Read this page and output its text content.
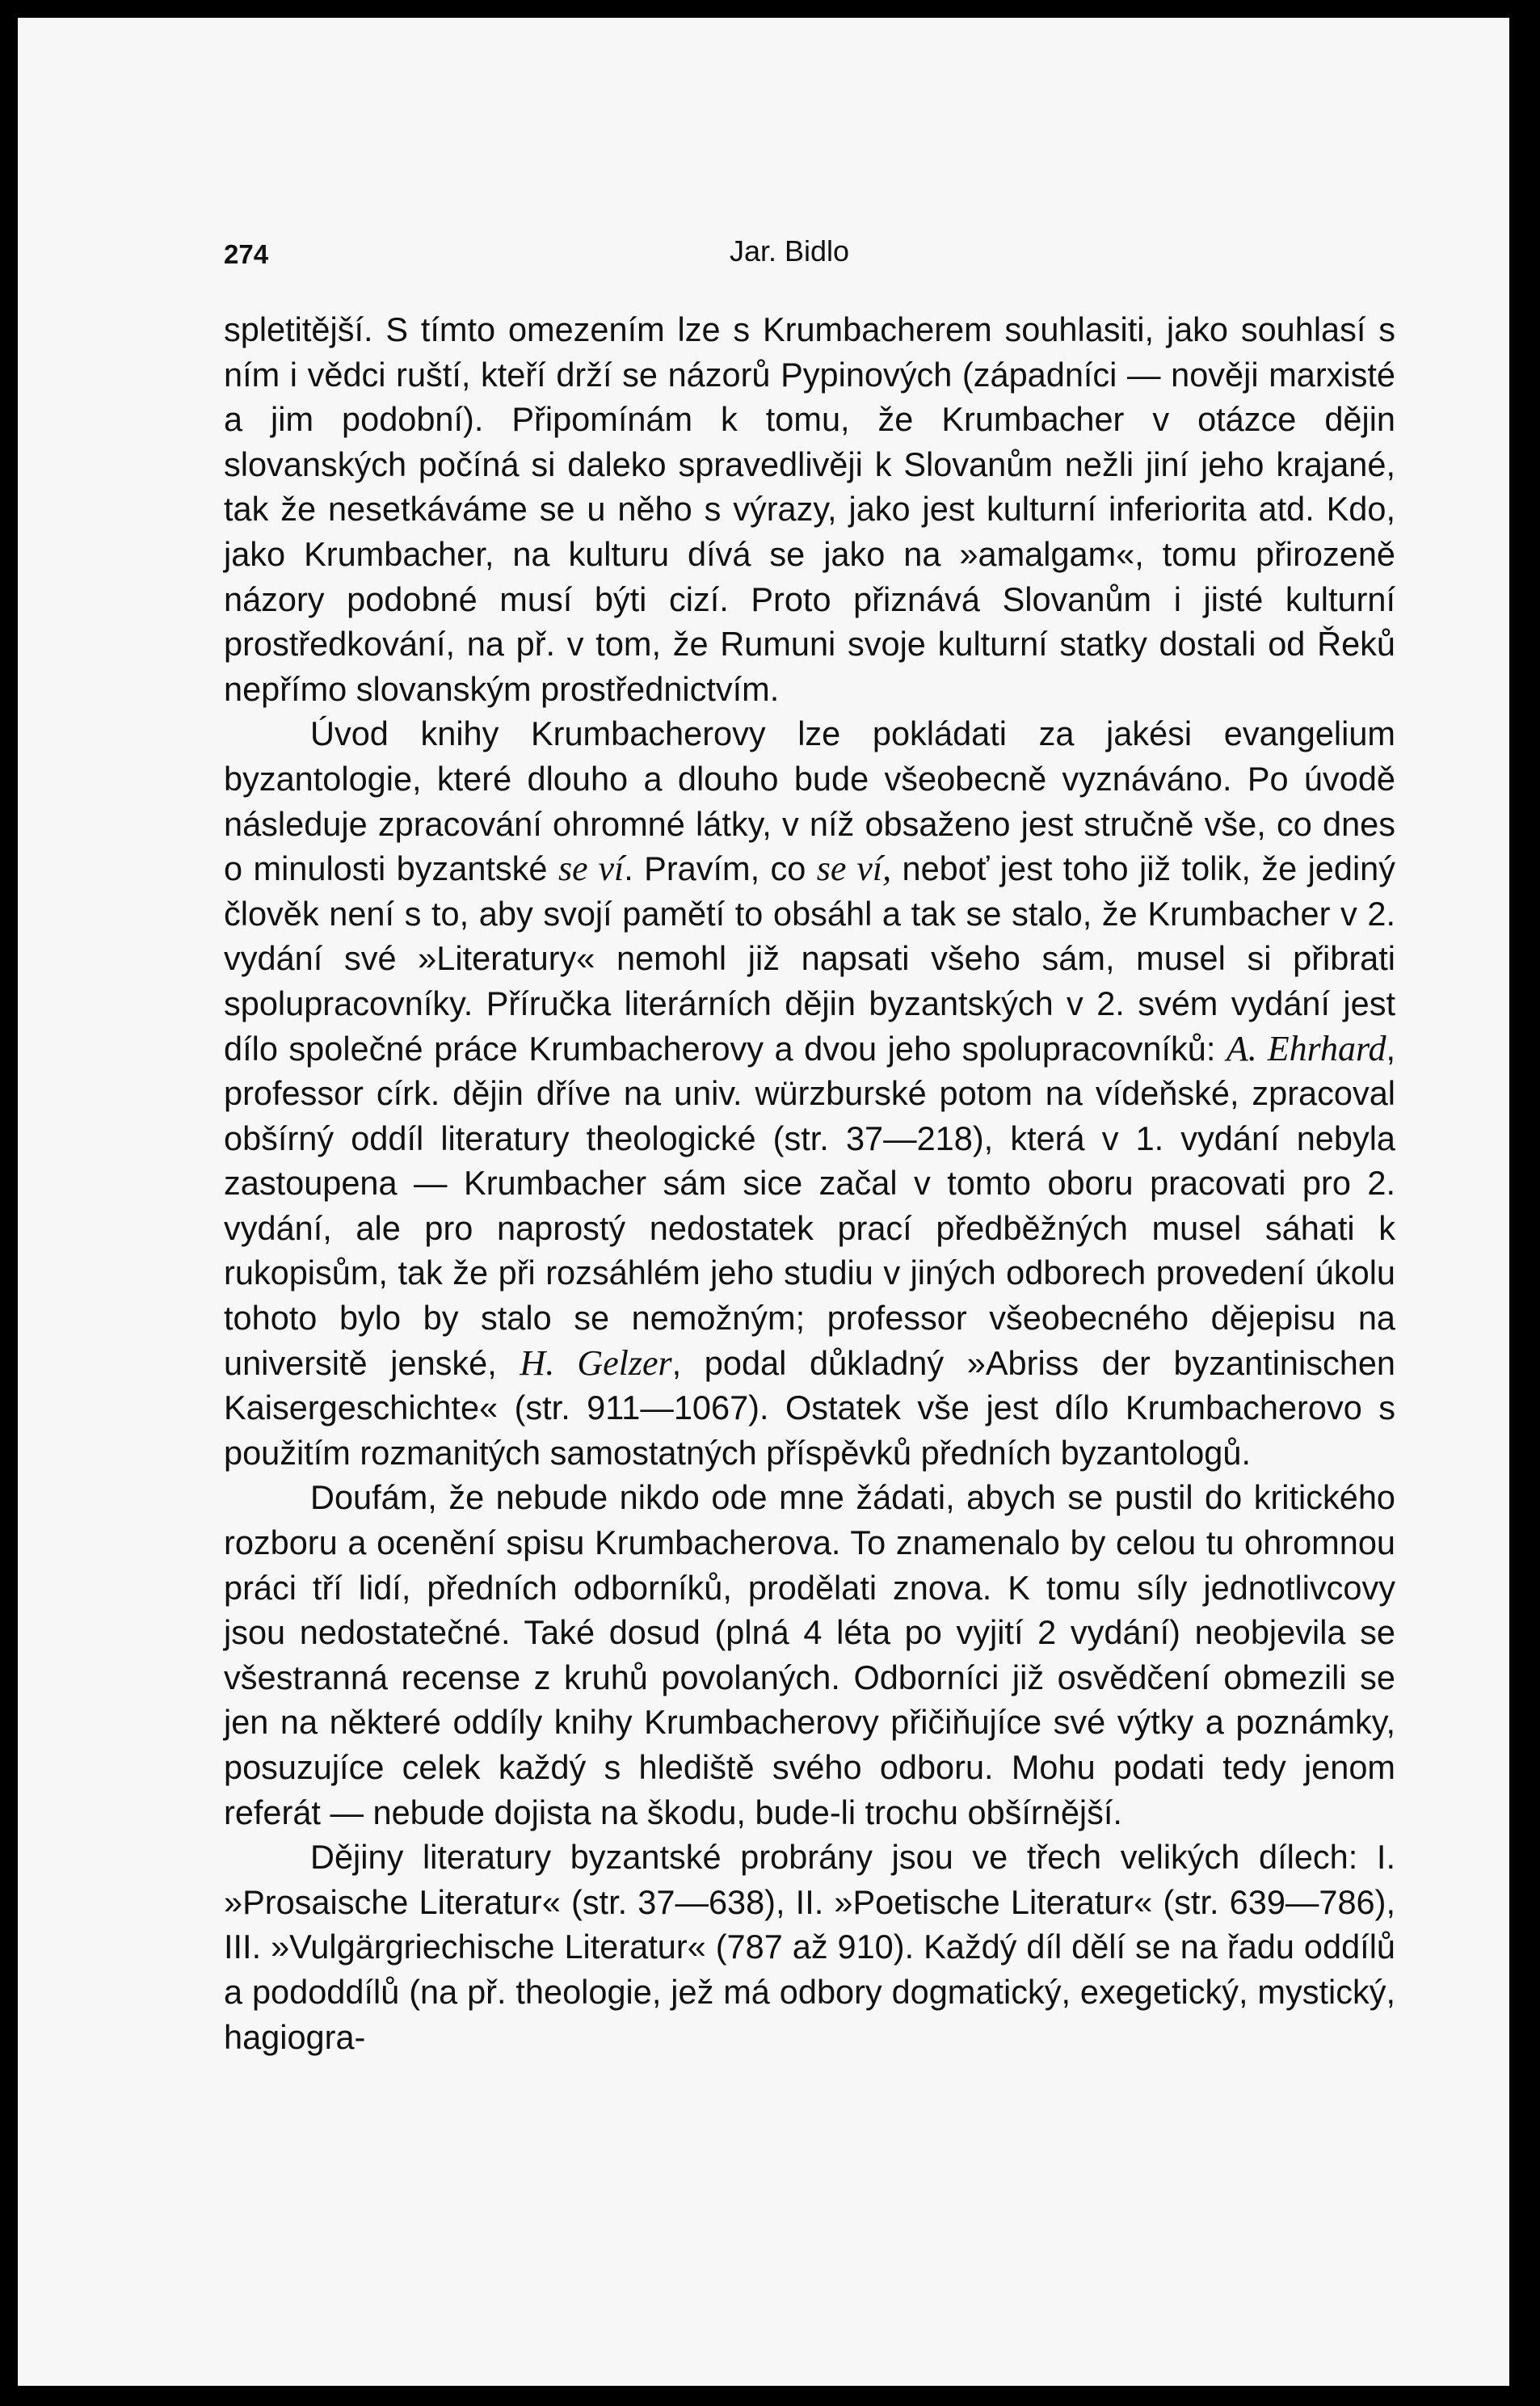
274	Jar. Bidlo

spletitější. S tímto omezením lze s Krumbacherem souhlasiti, jako souhlasí s ním i vědci ruští, kteří drží se názorů Pypinových (západníci — nověji marxisté a jim podobní). Připomínám k tomu, že Krumbacher v otázce dějin slovanských počíná si daleko spravedlivěji k Slovanům nežli jiní jeho krajané, tak že nesetkáváme se u něho s výrazy, jako jest kulturní inferiorita atd. Kdo, jako Krumbacher, na kulturu dívá se jako na »amalgam«, tomu přirozeně názory podobné musí býti cizí. Proto přiznává Slovanům i jisté kulturní prostředkování, na př. v tom, že Rumuni svoje kulturní statky dostali od Řeků nepřímo slovanským prostřednictvím.

Úvod knihy Krumbacherovy lze pokládati za jakési evangelium byzantologie, které dlouho a dlouho bude všeobecně vyznáváno. Po úvodě následuje zpracování ohromné látky, v níž obsaženo jest stručně vše, co dnes o minulosti byzantské se ví. Pravím, co se ví, neboť jest toho již tolik, že jediný člověk není s to, aby svojí pamětí to obsáhl a tak se stalo, že Krumbacher v 2. vydání své »Literatury« nemohl již napsati všeho sám, musel si přibrati spolupracovníky. Příručka literárních dějin byzantských v 2. svém vydání jest dílo společné práce Krumbacherovy a dvou jeho spolupracovníků: A. Ehrhard, professor círk. dějin dříve na univ. würzburské potom na vídeňské, zpracoval obšírný oddíl literatury theologické (str. 37—218), která v 1. vydání nebyla zastoupena — Krumbacher sám sice začal v tomto oboru pracovati pro 2. vydání, ale pro naprostý nedostatek prací předběžných musel sáhati k rukopisům, tak že při rozsáhlém jeho studiu v jiných odborech provedení úkolu tohoto bylo by stalo se nemožným; professor všeobecného dějepisu na universitě jenské, H. Gelzer, podal důkladný »Abriss der byzantinischen Kaisergeschichte« (str. 911—1067). Ostatek vše jest dílo Krumbacherovo s použitím rozmanitých samostatných příspěvků předních byzantologů.

Doufám, že nebude nikdo ode mne žádati, abych se pustil do kritického rozboru a ocenění spisu Krumbacherova. To znamenalo by celou tu ohromnou práci tří lidí, předních odborníků, prodělati znova. K tomu síly jednotlivcovy jsou nedostatečné. Také dosud (plná 4 léta po vyjití 2 vydání) neobjevila se všestranná recense z kruhů povolaných. Odborníci již osvědčení obmezili se jen na některé oddíly knihy Krumbacherovy přičiňujíce své výtky a poznámky, posuzujíce celek každý s hlediště svého odboru. Mohu podati tedy jenom referát — nebude dojista na škodu, bude-li trochu obšírnější.

Dějiny literatury byzantské probrány jsou ve třech velikých dílech: I. »Prosaische Literatur« (str. 37—638), II. »Poetische Literatur« (str. 639—786), III. »Vulgärgriechische Literatur« (787 až 910). Každý díl dělí se na řadu oddílů a pododdílů (na př. theologie, jež má odbory dogmatický, exegetický, mystický, hagiogra-
